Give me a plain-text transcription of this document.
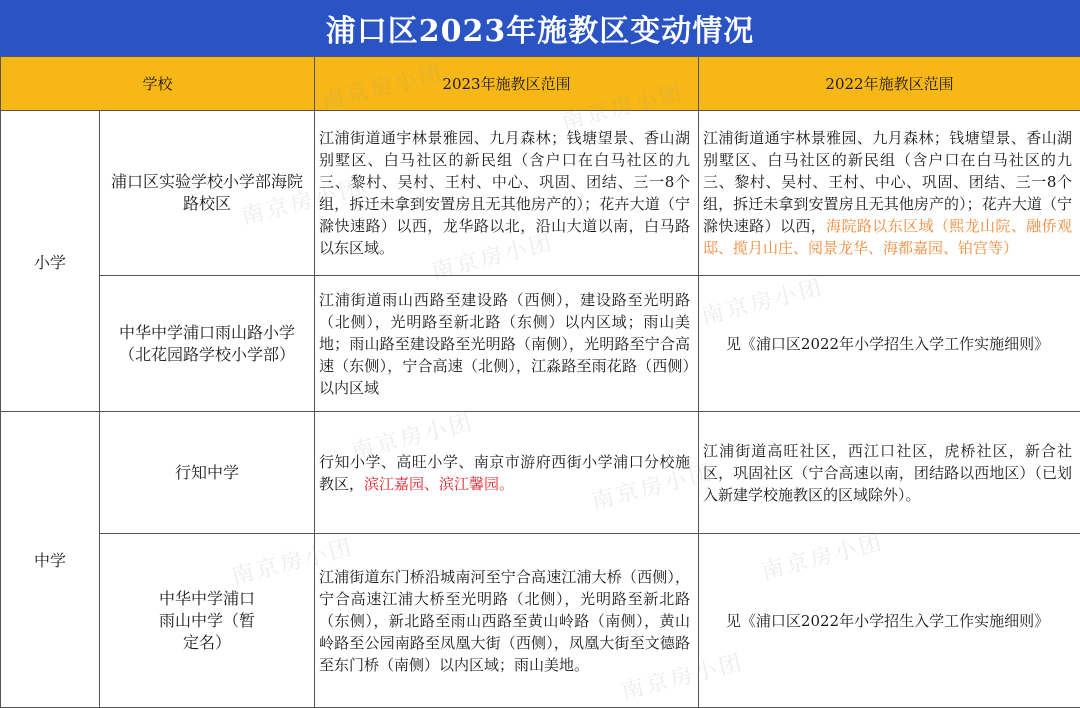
浦口区2023年施教区变动情况
学校		2023年施教区范围	2022年施教区范围
小学	浦口区实验学校小学部海院路校区	江浦街道通宇林景雅园、九月森林；钱塘望景、香山湖别墅区、白马社区的新民组（含户口在白马社区的九三、黎村、吴村、王村、中心、巩固、团结、三一8个组，拆迁未拿到安置房且无其他房产的）；花卉大道（宁滁快速路）以西，龙华路以北，沿山大道以南，白马路以东区域。	江浦街道通宇林景雅园、九月森林；钱塘望景、香山湖别墅区、白马社区的新民组（含户口在白马社区的九三、黎村、吴村、王村、中心、巩固、团结、三一8个组，拆迁未拿到安置房且无其他房产的）；花卉大道（宁滁快速路）以西，海院路以东区域（熙龙山院、融侨观邸、揽月山庄、阅景龙华、海都嘉园、铂宫等）
	中华中学浦口雨山路小学（北花园路学校小学部）	江浦街道雨山西路至建设路（西侧），建设路至光明路（北侧），光明路至新北路（东侧）以内区域；雨山美地；雨山路至建设路至光明路（南侧），光明路至宁合高速（东侧），宁合高速（北侧），江淼路至雨花路（西侧）以内区域	见《浦口区2022年小学招生入学工作实施细则》
中学	行知中学	行知小学、高旺小学、南京市游府西街小学浦口分校施教区，滨江嘉园、滨江馨园。	江浦街道高旺社区，西江口社区，虎桥社区，新合社区，巩固社区（宁合高速以南，团结路以西地区）（已划入新建学校施教区的区域除外）。

	中华中学浦口雨山中学（暂定名）	江浦街道东门桥沿城南河至宁合高速江浦大桥（西侧），宁合高速江浦大桥至光明路（北侧），光明路至新北路（东侧），新北路至雨山西路至黄山岭路（南侧），黄山岭路至公园南路至凤凰大街（西侧），凤凰大街至文德路至东门桥（南侧）以内区域；雨山美地。	见《浦口区2022年小学招生入学工作实施细则》
南京房小团
南京房小团
南京房小团
南京房小团
南京房小团
南京房小团	南京房小团
南京房小团
